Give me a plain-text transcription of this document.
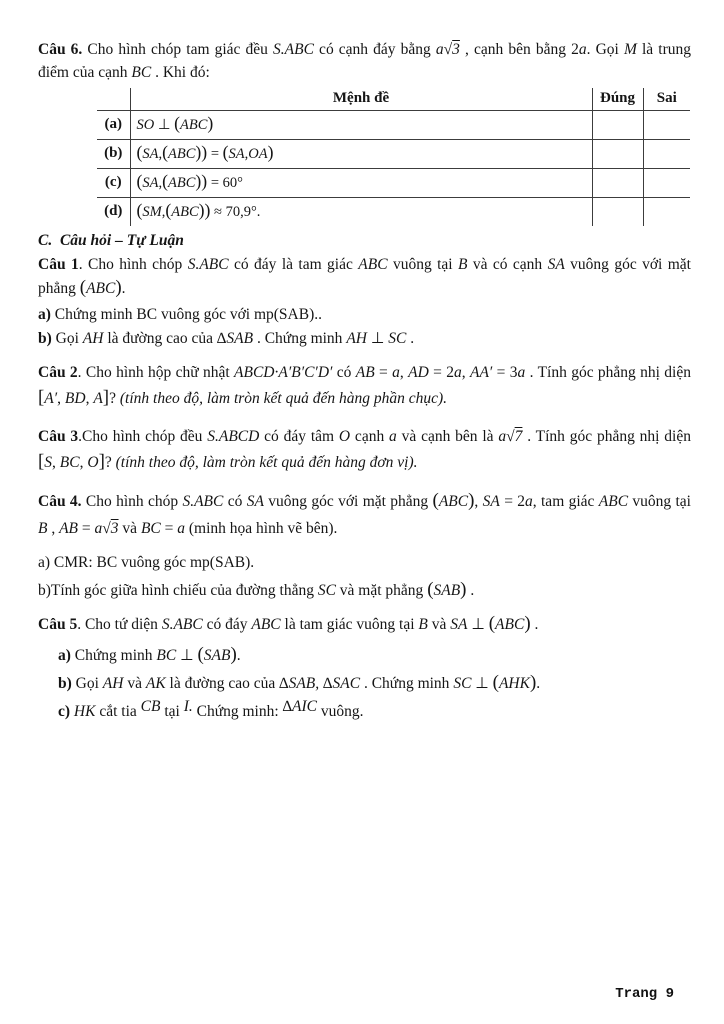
Câu 6. Cho hình chóp tam giác đều S.ABC có cạnh đáy bằng a√3 , cạnh bên bằng 2a. Gọi M là trung điểm của cạnh BC . Khi đó:

	Mệnh đề	Đúng	Sai
(a)	SO ⊥ (ABC)		
(b)	(SA,(ABC)) = (SA,OA)		
(c)	(SA,(ABC)) = 60°		
(d)	(SM,(ABC)) ≈ 70,9°.		

C.  Câu hỏi – Tự Luận

Câu 1. Cho hình chóp S.ABC có đáy là tam giác ABC vuông tại B và có cạnh SA vuông góc với mặt phẳng (ABC).

a) Chứng minh BC vuông góc với mp(SAB)..

b) Gọi AH là đường cao của ∆SAB . Chứng minh AH ⊥ SC .

Câu 2. Cho hình hộp chữ nhật ABCD·A′B′C′D′ có AB = a, AD = 2a, AA′ = 3a . Tính góc phẳng nhị diện [A′, BD, A]? (tính theo độ, làm tròn kết quả đến hàng phần chục).

Câu 3.Cho hình chóp đều S.ABCD có đáy tâm O cạnh a và cạnh bên là a√7 . Tính góc phẳng nhị diện [S, BC, O]? (tính theo độ, làm tròn kết quả đến hàng đơn vị).

Câu 4. Cho hình chóp S.ABC có SA vuông góc với mặt phẳng (ABC), SA = 2a, tam giác ABC vuông tại B , AB = a√3 và BC = a (minh họa hình vẽ bên).

a) CMR: BC vuông góc mp(SAB).

b)Tính góc giữa hình chiếu của đường thẳng SC và mặt phẳng (SAB) .

Câu 5. Cho tứ diện S.ABC có đáy ABC là tam giác vuông tại B và SA ⊥ (ABC) .

a) Chứng minh BC ⊥ (SAB).

b) Gọi AH và AK là đường cao của ∆SAB, ∆SAC . Chứng minh SC ⊥ (AHK).

c) HK cắt tia CB tại I. Chứng minh: ∆AIC vuông.

Trang 9
